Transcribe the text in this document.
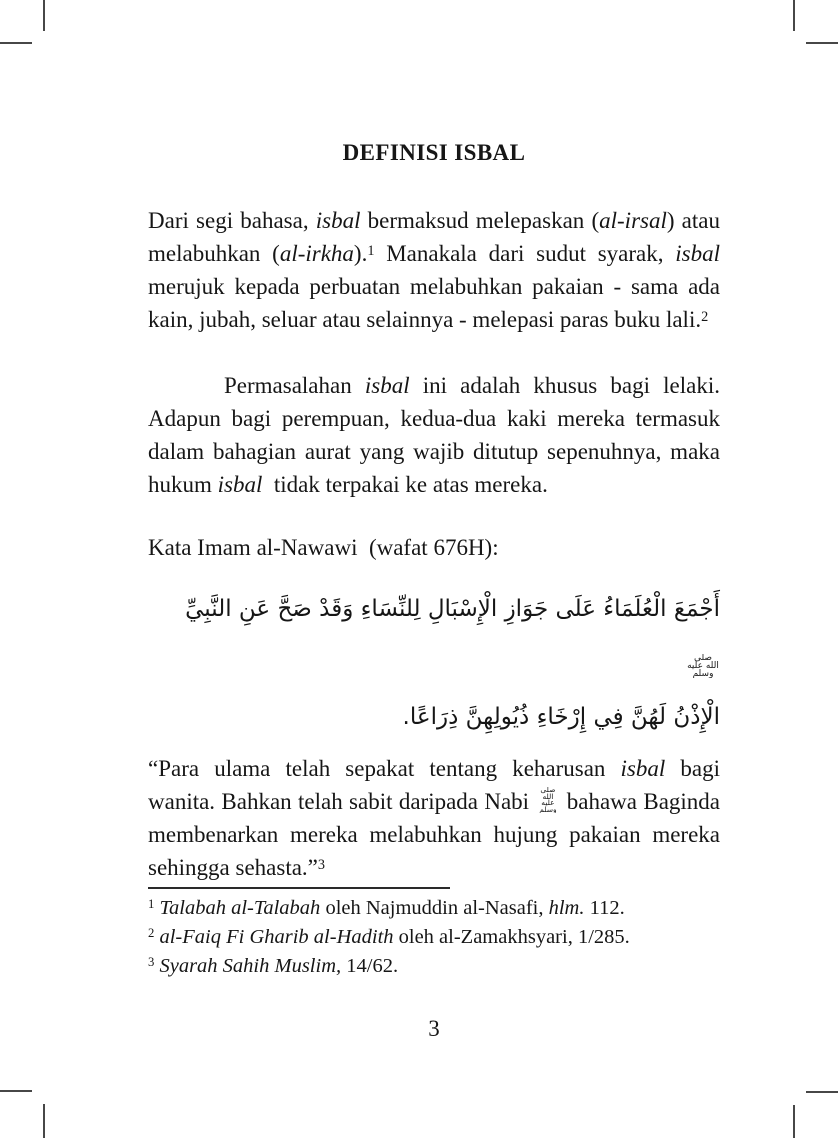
DEFINISI ISBAL

Dari segi bahasa, isbal bermaksud melepaskan (al-irsal) atau melabuhkan (al-irkha).$^1$ Manakala dari sudut syarak, isbal merujuk kepada perbuatan melabuhkan pakaian - sama ada kain, jubah, seluar atau selainnya - melepasi paras buku lali.$^2$

Permasalahan isbal ini adalah khusus bagi lelaki. Adapun bagi perempuan, kedua-dua kaki mereka termasuk dalam bahagian aurat yang wajib ditutup sepenuhnya, maka hukum isbal  tidak terpakai ke atas mereka.

Kata Imam al-Nawawi  (wafat 676H):

أَجْمَعَ الْعُلَمَاءُ عَلَى جَوَازِ الْإِسْبَالِ لِلنِّسَاءِ وَقَدْ صَحَّ عَنِ النَّبِيِّ صلى الله عليه وسلم
الْإِذْنُ لَهُنَّ فِي إِرْخَاءِ ذُيُولِهِنَّ ذِرَاعًا.

“Para ulama telah sepakat tentang keharusan isbal bagi wanita. Bahkan telah sabit daripada Nabi صلى الله عليه وسلم bahawa Baginda membenarkan mereka melabuhkan hujung pakaian mereka sehingga sehasta.”$^3$

$^1$ Talabah al-Talabah oleh Najmuddin al-Nasafi, hlm. 112.

$^2$ al-Faiq Fi Gharib al-Hadith oleh al-Zamakhsyari, 1/285.

$^3$ Syarah Sahih Muslim, 14/62.

3
